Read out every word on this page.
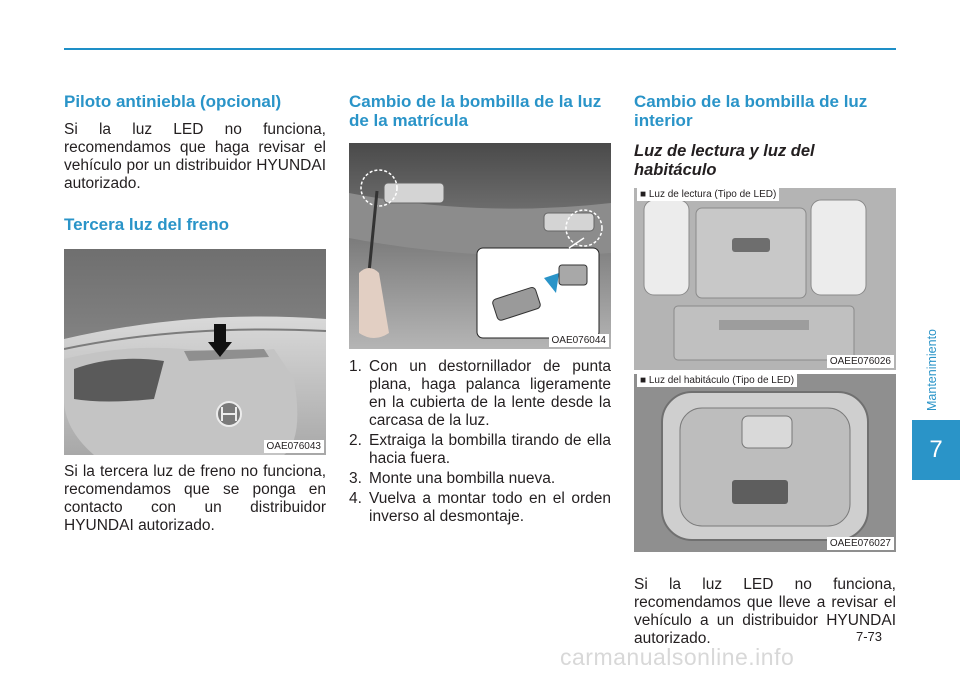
Piloto antiniebla (opcional)

Si la luz LED no funciona, recomendamos que haga revisar el vehículo por un distribuidor HYUNDAI autorizado.

Tercera luz del freno
OAE076043

Si la tercera luz de freno no funciona, recomendamos que se ponga en contacto con un distribuidor HYUNDAI autorizado.

Cambio de la bombilla de la luz de la matrícula
OAE076044
1. Con un destornillador de punta plana, haga palanca ligeramente en la cubierta de la lente desde la carcasa de la luz.
2. Extraiga la bombilla tirando de ella hacia fuera.
3. Monte una bombilla nueva.
4. Vuelva a montar todo en el orden inverso al desmontaje.
Cambio de la bombilla de luz interior
Luz de lectura y luz del habitáculo
■ Luz de lectura (Tipo de LED)
OAEE076026
■ Luz del habitáculo (Tipo de LED)
OAEE076027

Si la luz LED no funciona, recomendamos que lleve a revisar el vehículo a un distribuidor HYUNDAI autorizado.

Mantenimiento
7
7-73
carmanualsonline.info
